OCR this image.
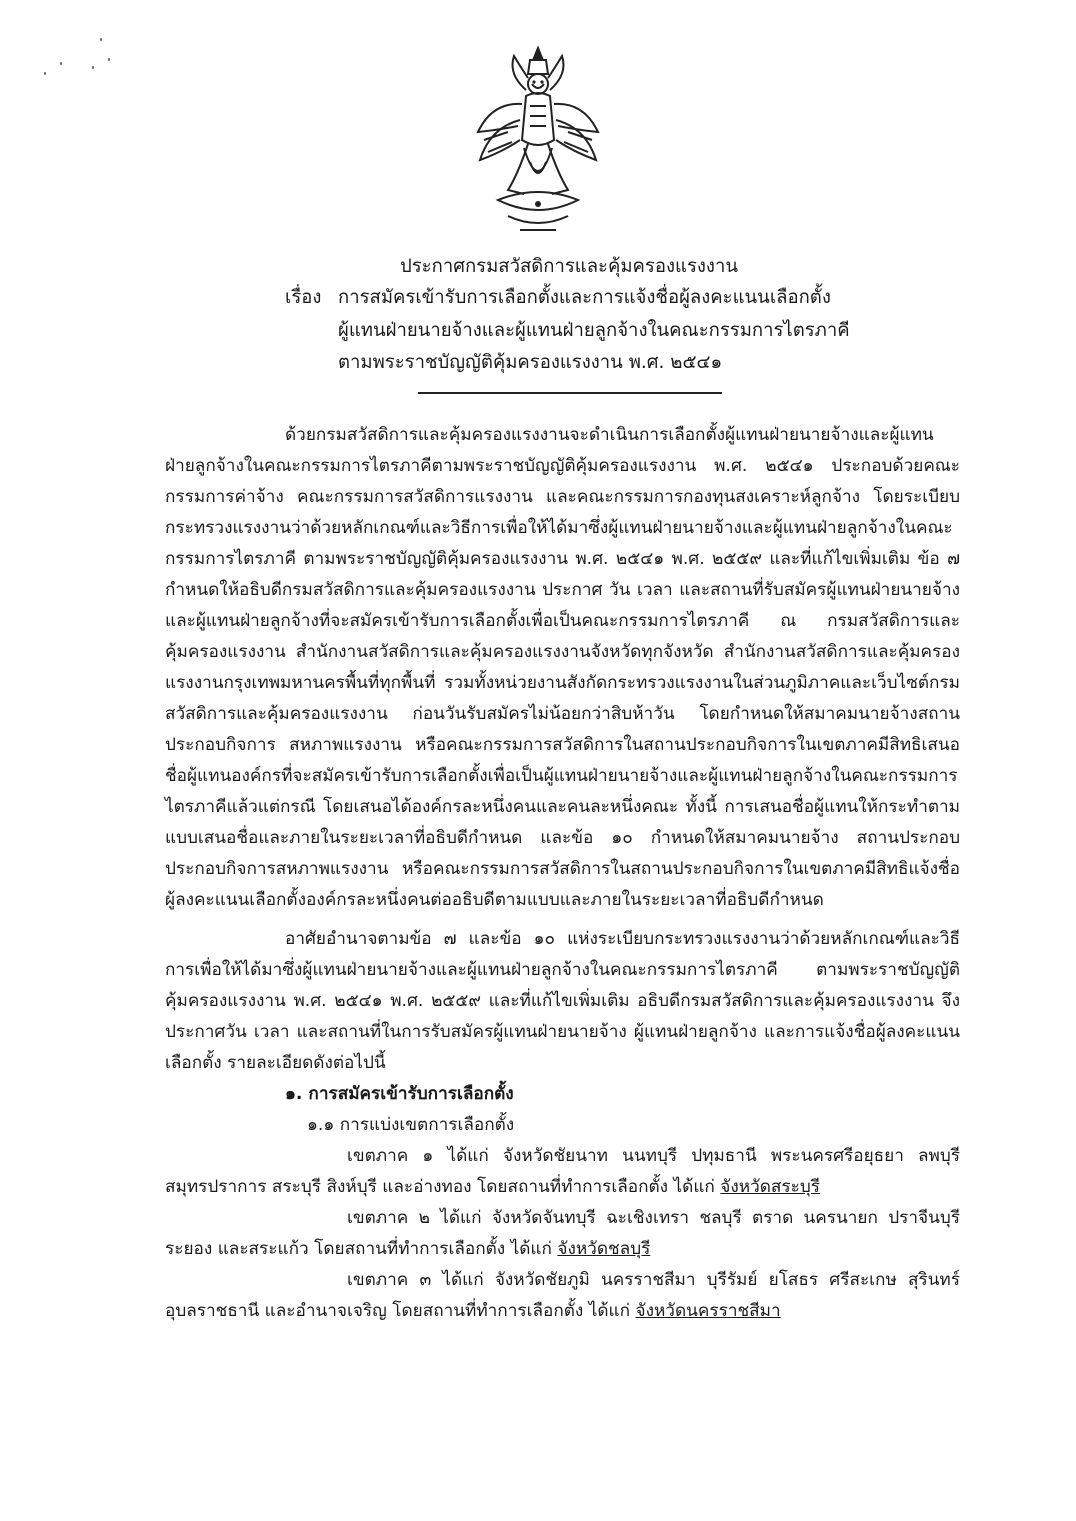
ประกาศกรมสวัสดิการและคุ้มครองแรงงาน
เรื่อง การสมัครเข้ารับการเลือกตั้งและการแจ้งชื่อผู้ลงคะแนนเลือกตั้ง
ผู้แทนฝ่ายนายจ้างและผู้แทนฝ่ายลูกจ้างในคณะกรรมการไตรภาคี
ตามพระราชบัญญัติคุ้มครองแรงงาน พ.ศ. ๒๕๔๑

ด้วยกรมสวัสดิการและคุ้มครองแรงงานจะดำเนินการเลือกตั้งผู้แทนฝ่ายนายจ้างและผู้แทนฝ่ายลูกจ้างในคณะกรรมการไตรภาคีตามพระราชบัญญัติคุ้มครองแรงงาน พ.ศ. ๒๕๔๑ ประกอบด้วยคณะกรรมการค่าจ้าง คณะกรรมการสวัสดิการแรงงาน และคณะกรรมการกองทุนสงเคราะห์ลูกจ้าง โดยระเบียบกระทรวงแรงงานว่าด้วยหลักเกณฑ์และวิธีการเพื่อให้ได้มาซึ่งผู้แทนฝ่ายนายจ้างและผู้แทนฝ่ายลูกจ้างในคณะกรรมการไตรภาคี ตามพระราชบัญญัติคุ้มครองแรงงาน พ.ศ. ๒๕๔๑ พ.ศ. ๒๕๕๙ และที่แก้ไขเพิ่มเติม ข้อ ๗ กำหนดให้อธิบดีกรมสวัสดิการและคุ้มครองแรงงาน ประกาศ วัน เวลา และสถานที่รับสมัครผู้แทนฝ่ายนายจ้างและผู้แทนฝ่ายลูกจ้างที่จะสมัครเข้ารับการเลือกตั้งเพื่อเป็นคณะกรรมการไตรภาคี ณ กรมสวัสดิการและคุ้มครองแรงงาน สำนักงานสวัสดิการและคุ้มครองแรงงานจังหวัดทุกจังหวัด สำนักงานสวัสดิการและคุ้มครองแรงงานกรุงเทพมหานครพื้นที่ทุกพื้นที่ รวมทั้งหน่วยงานสังกัดกระทรวงแรงงานในส่วนภูมิภาคและเว็บไซต์กรมสวัสดิการและคุ้มครองแรงงาน ก่อนวันรับสมัครไม่น้อยกว่าสิบห้าวัน โดยกำหนดให้สมาคมนายจ้างสถานประกอบกิจการ สหภาพแรงงาน หรือคณะกรรมการสวัสดิการในสถานประกอบกิจการในเขตภาคมีสิทธิเสนอชื่อผู้แทนองค์กรที่จะสมัครเข้ารับการเลือกตั้งเพื่อเป็นผู้แทนฝ่ายนายจ้างและผู้แทนฝ่ายลูกจ้างในคณะกรรมการไตรภาคีแล้วแต่กรณี โดยเสนอได้องค์กรละหนึ่งคนและคนละหนึ่งคณะ ทั้งนี้ การเสนอชื่อผู้แทนให้กระทำตามแบบเสนอชื่อและภายในระยะเวลาที่อธิบดีกำหนด และข้อ ๑๐ กำหนดให้สมาคมนายจ้าง สถานประกอบประกอบกิจการสหภาพแรงงาน หรือคณะกรรมการสวัสดิการในสถานประกอบกิจการในเขตภาคมีสิทธิแจ้งชื่อผู้ลงคะแนนเลือกตั้งองค์กรละหนึ่งคนต่ออธิบดีตามแบบและภายในระยะเวลาที่อธิบดีกำหนด

อาศัยอำนาจตามข้อ ๗ และข้อ ๑๐ แห่งระเบียบกระทรวงแรงงานว่าด้วยหลักเกณฑ์และวิธีการเพื่อให้ได้มาซึ่งผู้แทนฝ่ายนายจ้างและผู้แทนฝ่ายลูกจ้างในคณะกรรมการไตรภาคี ตามพระราชบัญญัติคุ้มครองแรงงาน พ.ศ. ๒๕๔๑ พ.ศ. ๒๕๕๙ และที่แก้ไขเพิ่มเติม อธิบดีกรมสวัสดิการและคุ้มครองแรงงาน จึงประกาศวัน เวลา และสถานที่ในการรับสมัครผู้แทนฝ่ายนายจ้าง ผู้แทนฝ่ายลูกจ้าง และการแจ้งชื่อผู้ลงคะแนนเลือกตั้ง รายละเอียดดังต่อไปนี้

๑. การสมัครเข้ารับการเลือกตั้ง

๑.๑ การแบ่งเขตการเลือกตั้ง

เขตภาค ๑ ได้แก่ จังหวัดชัยนาท นนทบุรี ปทุมธานี พระนครศรีอยุธยา ลพบุรี สมุทรปราการ สระบุรี สิงห์บุรี และอ่างทอง โดยสถานที่ทำการเลือกตั้ง ได้แก่ จังหวัดสระบุรี

เขตภาค ๒ ได้แก่ จังหวัดจันทบุรี ฉะเชิงเทรา ชลบุรี ตราด นครนายก ปราจีนบุรี ระยอง และสระแก้ว โดยสถานที่ทำการเลือกตั้ง ได้แก่ จังหวัดชลบุรี

เขตภาค ๓ ได้แก่ จังหวัดชัยภูมิ นครราชสีมา บุรีรัมย์ ยโสธร ศรีสะเกษ สุรินทร์ อุบลราชธานี และอำนาจเจริญ โดยสถานที่ทำการเลือกตั้ง ได้แก่ จังหวัดนครราชสีมา
